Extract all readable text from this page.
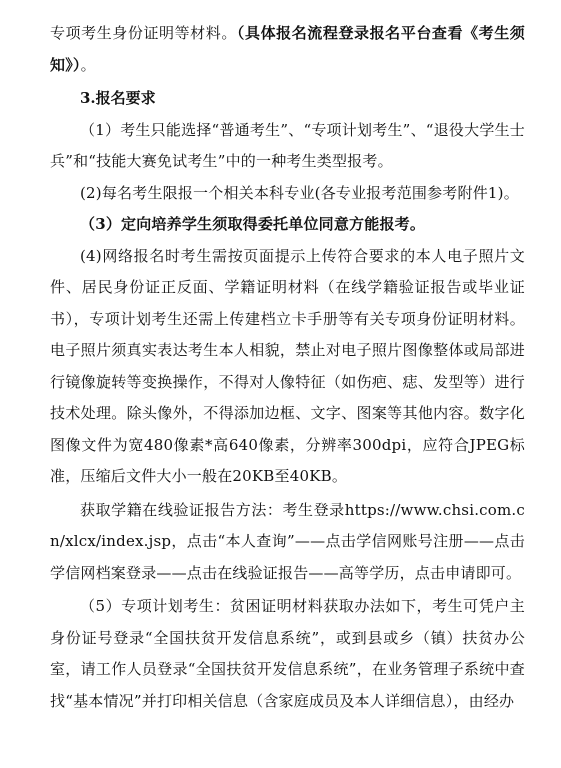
专项考生身份证明等材料。（具体报名流程登录报名平台查看《考生须知》）。

3.报名要求

（1）考生只能选择“普通考生”、“专项计划考生”、“退役大学生士兵”和“技能大赛免试考生”中的一种考生类型报考。

(2)每名考生限报一个相关本科专业(各专业报考范围参考附件1)。

（3）定向培养学生须取得委托单位同意方能报考。

(4)网络报名时考生需按页面提示上传符合要求的本人电子照片文件、居民身份证正反面、学籍证明材料（在线学籍验证报告或毕业证书），专项计划考生还需上传建档立卡手册等有关专项身份证明材料。电子照片须真实表达考生本人相貌，禁止对电子照片图像整体或局部进行镜像旋转等变换操作，不得对人像特征（如伤疤、痣、发型等）进行技术处理。除头像外，不得添加边框、文字、图案等其他内容。数字化图像文件为宽480像素*高640像素，分辨率300dpi，应符合JPEG标准，压缩后文件大小一般在20KB至40KB。

获取学籍在线验证报告方法：考生登录https://www.chsi.com.cn/xlcx/index.jsp，点击“本人查询”——点击学信网账号注册——点击学信网档案登录——点击在线验证报告——高等学历，点击申请即可。

（5）专项计划考生：贫困证明材料获取办法如下，考生可凭户主身份证号登录“全国扶贫开发信息系统”，或到县或乡（镇）扶贫办公室，请工作人员登录“全国扶贫开发信息系统”，在业务管理子系统中查找“基本情况”并打印相关信息（含家庭成员及本人详细信息），由经办
